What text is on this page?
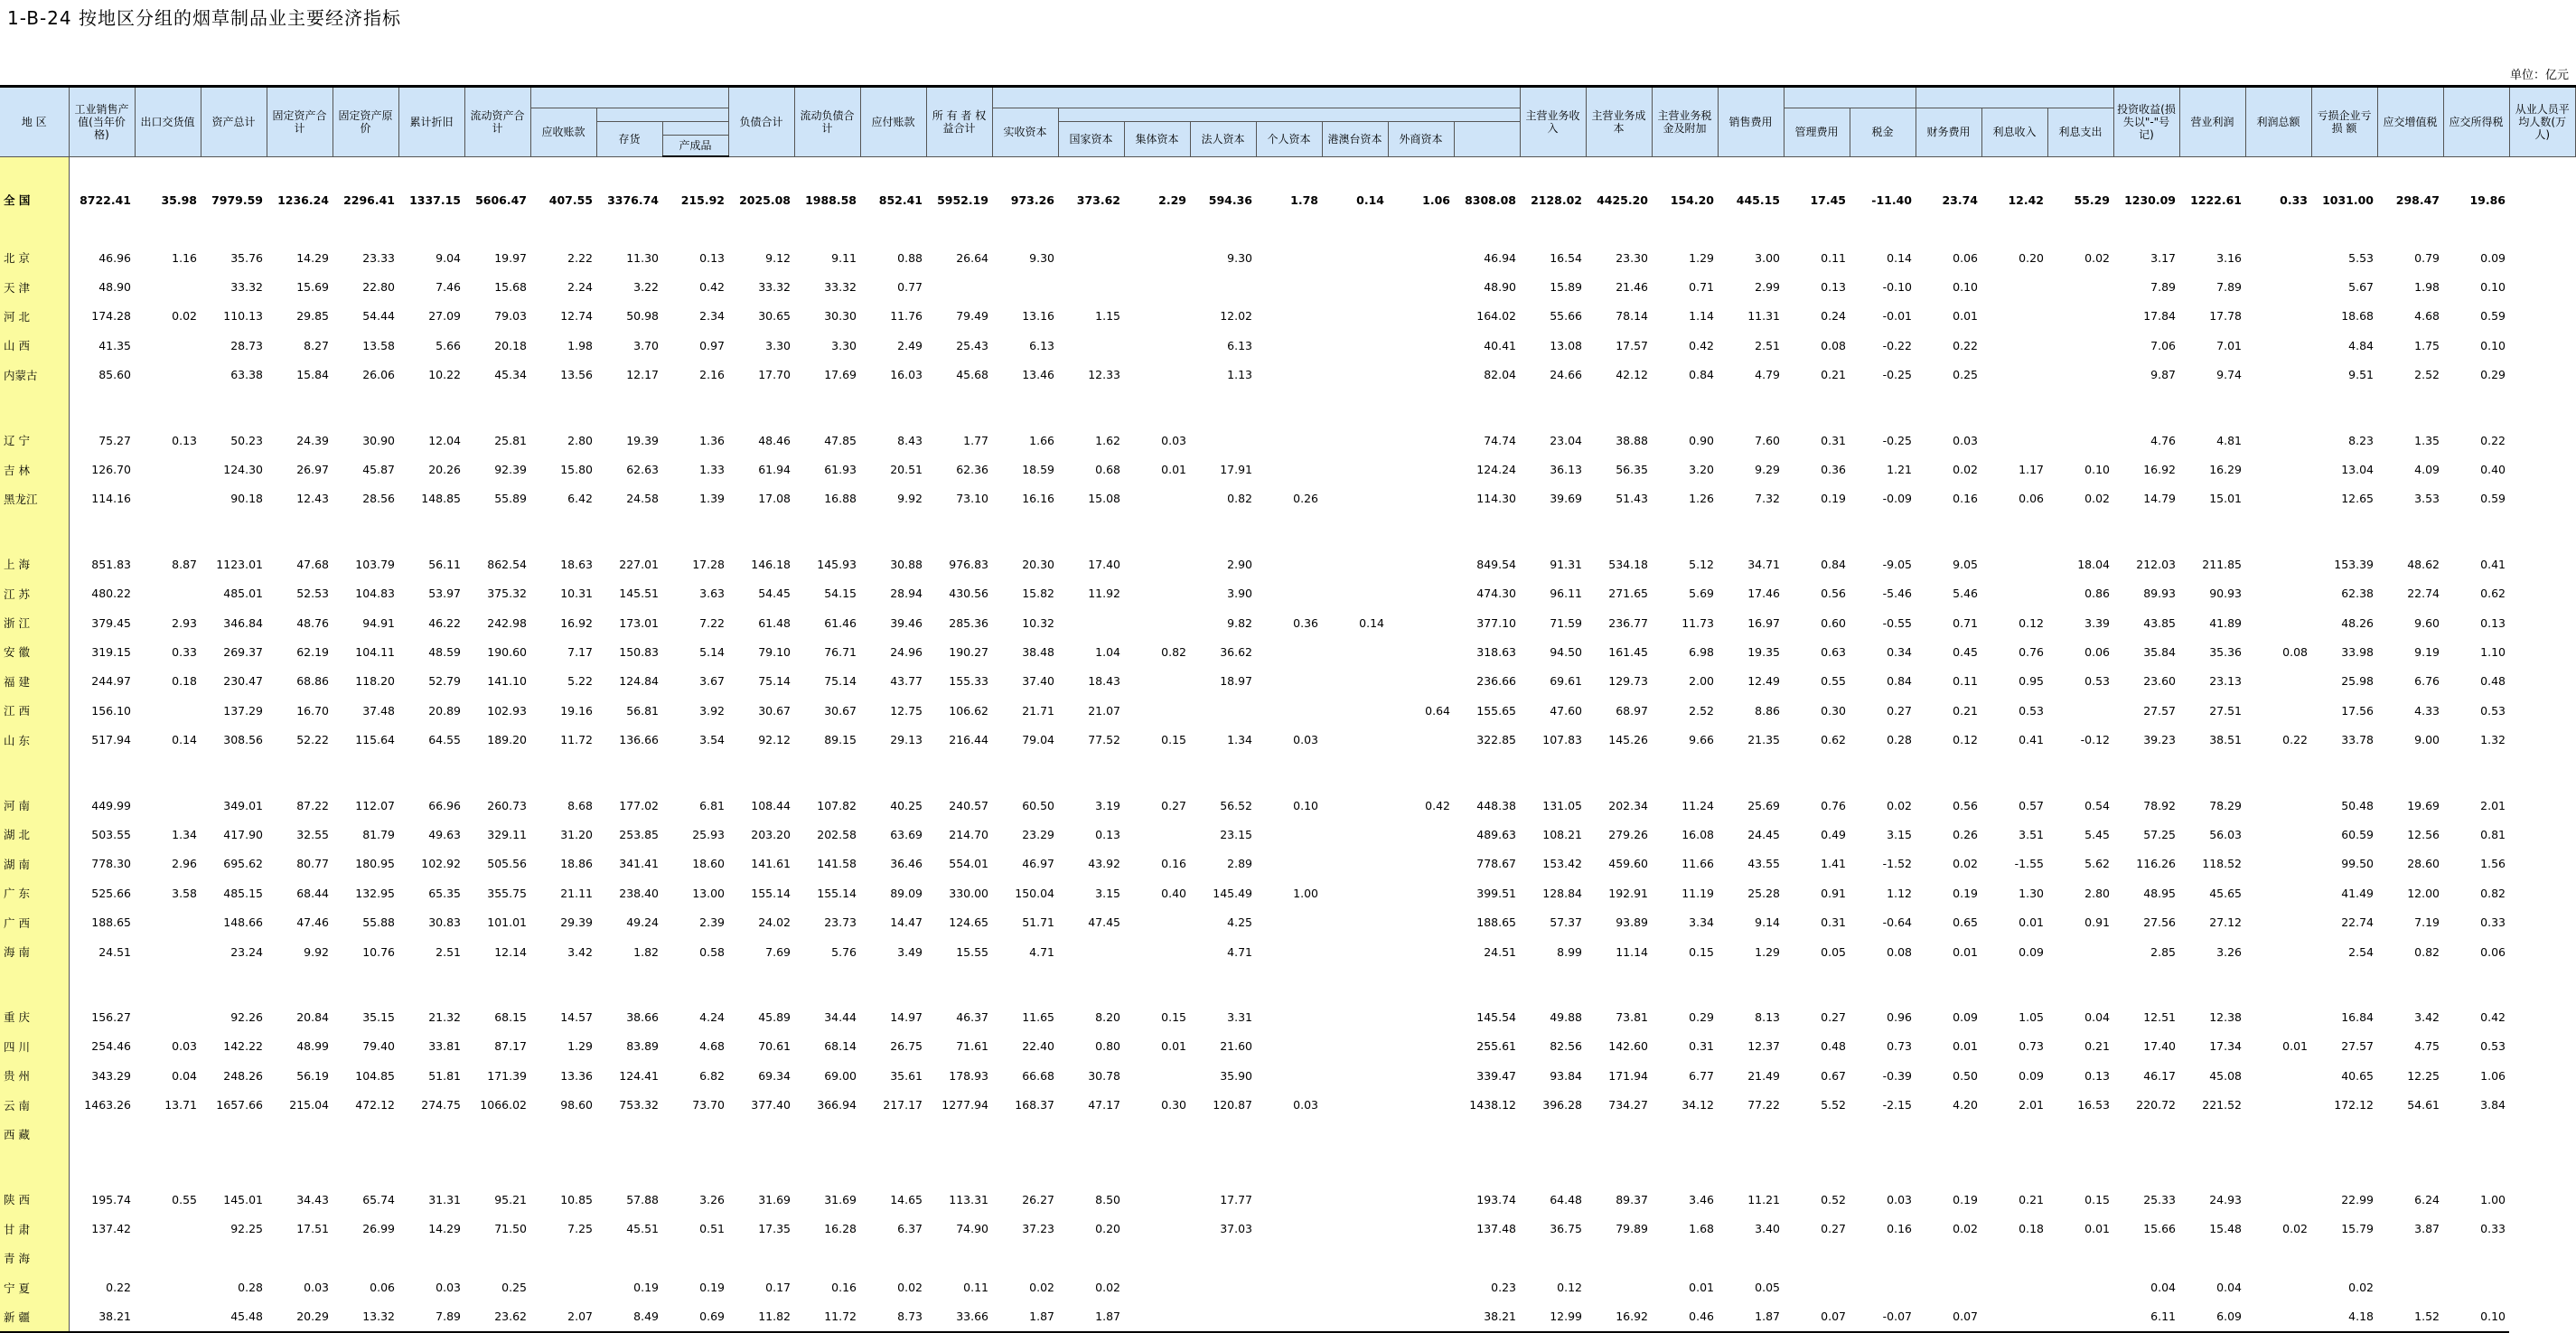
1-B-24 按地区分组的烟草制品业主要经济指标
单位：亿元
地 区	工业销售产 值(当年价格)	出口交货值	资产总计	固定资产合 计	固定资产原 价	累计折旧	流动资产合 计				负债合计	流动负债合 计	应付账款	所 有 者 权益合计									主营业务收 入	主营业务成 本	主营业务税金及附加	销售费用						投资收益(损失以"-"号记)	营业利润	利润总额	亏损企业亏 损 额	应交增值税	应交所得税	从业人员平均人数(万人)
								应收账款							实收资本												管理费用	税金	财务费用	利息收入	利息支出							
									存货							国家资本	集体资本	法人资本	个人资本	港澳台资本	外商资本																	
										产成品																												
全 国	8722.41	35.98	7979.59	1236.24	2296.41	1337.15	5606.47	407.55	3376.74	215.92	2025.08	1988.58	852.41	5952.19	973.26	373.62	2.29	594.36	1.78	0.14	1.06	8308.08	2128.02	4425.20	154.20	445.15	17.45	-11.40	23.74	12.42	55.29	1230.09	1222.61	0.33	1031.00	298.47	19.86	
北 京	46.96	1.16	35.76	14.29	23.33	9.04	19.97	2.22	11.30	0.13	9.12	9.11	0.88	26.64	9.30			9.30				46.94	16.54	23.30	1.29	3.00	0.11	0.14	0.06	0.20	0.02	3.17	3.16		5.53	0.79	0.09	
天 津	48.90		33.32	15.69	22.80	7.46	15.68	2.24	3.22	0.42	33.32	33.32	0.77									48.90	15.89	21.46	0.71	2.99	0.13	-0.10	0.10			7.89	7.89		5.67	1.98	0.10	
河 北	174.28	0.02	110.13	29.85	54.44	27.09	79.03	12.74	50.98	2.34	30.65	30.30	11.76	79.49	13.16	1.15		12.02				164.02	55.66	78.14	1.14	11.31	0.24	-0.01	0.01			17.84	17.78		18.68	4.68	0.59	
山 西	41.35		28.73	8.27	13.58	5.66	20.18	1.98	3.70	0.97	3.30	3.30	2.49	25.43	6.13			6.13				40.41	13.08	17.57	0.42	2.51	0.08	-0.22	0.22			7.06	7.01		4.84	1.75	0.10	
内蒙古	85.60		63.38	15.84	26.06	10.22	45.34	13.56	12.17	2.16	17.70	17.69	16.03	45.68	13.46	12.33		1.13				82.04	24.66	42.12	0.84	4.79	0.21	-0.25	0.25			9.87	9.74		9.51	2.52	0.29	

辽 宁	75.27	0.13	50.23	24.39	30.90	12.04	25.81	2.80	19.39	1.36	48.46	47.85	8.43	1.77	1.66	1.62	0.03					74.74	23.04	38.88	0.90	7.60	0.31	-0.25	0.03			4.76	4.81		8.23	1.35	0.22	
吉 林	126.70		124.30	26.97	45.87	20.26	92.39	15.80	62.63	1.33	61.94	61.93	20.51	62.36	18.59	0.68	0.01	17.91				124.24	36.13	56.35	3.20	9.29	0.36	1.21	0.02	1.17	0.10	16.92	16.29		13.04	4.09	0.40	
黑龙江	114.16		90.18	12.43	28.56	148.85	55.89	6.42	24.58	1.39	17.08	16.88	9.92	73.10	16.16	15.08		0.82	0.26			114.30	39.69	51.43	1.26	7.32	0.19	-0.09	0.16	0.06	0.02	14.79	15.01		12.65	3.53	0.59	

上 海	851.83	8.87	1123.01	47.68	103.79	56.11	862.54	18.63	227.01	17.28	146.18	145.93	30.88	976.83	20.30	17.40		2.90				849.54	91.31	534.18	5.12	34.71	0.84	-9.05	9.05		18.04	212.03	211.85		153.39	48.62	0.41	
江 苏	480.22		485.01	52.53	104.83	53.97	375.32	10.31	145.51	3.63	54.45	54.15	28.94	430.56	15.82	11.92		3.90				474.30	96.11	271.65	5.69	17.46	0.56	-5.46	5.46		0.86	89.93	90.93		62.38	22.74	0.62	
浙 江	379.45	2.93	346.84	48.76	94.91	46.22	242.98	16.92	173.01	7.22	61.48	61.46	39.46	285.36	10.32			9.82	0.36	0.14		377.10	71.59	236.77	11.73	16.97	0.60	-0.55	0.71	0.12	3.39	43.85	41.89		48.26	9.60	0.13	
安 徽	319.15	0.33	269.37	62.19	104.11	48.59	190.60	7.17	150.83	5.14	79.10	76.71	24.96	190.27	38.48	1.04	0.82	36.62				318.63	94.50	161.45	6.98	19.35	0.63	0.34	0.45	0.76	0.06	35.84	35.36	0.08	33.98	9.19	1.10	
福 建	244.97	0.18	230.47	68.86	118.20	52.79	141.10	5.22	124.84	3.67	75.14	75.14	43.77	155.33	37.40	18.43		18.97				236.66	69.61	129.73	2.00	12.49	0.55	0.84	0.11	0.95	0.53	23.60	23.13		25.98	6.76	0.48	
江 西	156.10		137.29	16.70	37.48	20.89	102.93	19.16	56.81	3.92	30.67	30.67	12.75	106.62	21.71	21.07					0.64	155.65	47.60	68.97	2.52	8.86	0.30	0.27	0.21	0.53		27.57	27.51		17.56	4.33	0.53	
山 东	517.94	0.14	308.56	52.22	115.64	64.55	189.20	11.72	136.66	3.54	92.12	89.15	29.13	216.44	79.04	77.52	0.15	1.34	0.03			322.85	107.83	145.26	9.66	21.35	0.62	0.28	0.12	0.41	-0.12	39.23	38.51	0.22	33.78	9.00	1.32	

河 南	449.99		349.01	87.22	112.07	66.96	260.73	8.68	177.02	6.81	108.44	107.82	40.25	240.57	60.50	3.19	0.27	56.52	0.10		0.42	448.38	131.05	202.34	11.24	25.69	0.76	0.02	0.56	0.57	0.54	78.92	78.29		50.48	19.69	2.01	
湖 北	503.55	1.34	417.90	32.55	81.79	49.63	329.11	31.20	253.85	25.93	203.20	202.58	63.69	214.70	23.29	0.13		23.15				489.63	108.21	279.26	16.08	24.45	0.49	3.15	0.26	3.51	5.45	57.25	56.03		60.59	12.56	0.81	
湖 南	778.30	2.96	695.62	80.77	180.95	102.92	505.56	18.86	341.41	18.60	141.61	141.58	36.46	554.01	46.97	43.92	0.16	2.89				778.67	153.42	459.60	11.66	43.55	1.41	-1.52	0.02	-1.55	5.62	116.26	118.52		99.50	28.60	1.56	
广 东	525.66	3.58	485.15	68.44	132.95	65.35	355.75	21.11	238.40	13.00	155.14	155.14	89.09	330.00	150.04	3.15	0.40	145.49	1.00			399.51	128.84	192.91	11.19	25.28	0.91	1.12	0.19	1.30	2.80	48.95	45.65		41.49	12.00	0.82	
广 西	188.65		148.66	47.46	55.88	30.83	101.01	29.39	49.24	2.39	24.02	23.73	14.47	124.65	51.71	47.45		4.25				188.65	57.37	93.89	3.34	9.14	0.31	-0.64	0.65	0.01	0.91	27.56	27.12		22.74	7.19	0.33	
海 南	24.51		23.24	9.92	10.76	2.51	12.14	3.42	1.82	0.58	7.69	5.76	3.49	15.55	4.71			4.71				24.51	8.99	11.14	0.15	1.29	0.05	0.08	0.01	0.09		2.85	3.26		2.54	0.82	0.06	

重 庆	156.27		92.26	20.84	35.15	21.32	68.15	14.57	38.66	4.24	45.89	34.44	14.97	46.37	11.65	8.20	0.15	3.31				145.54	49.88	73.81	0.29	8.13	0.27	0.96	0.09	1.05	0.04	12.51	12.38		16.84	3.42	0.42	
四 川	254.46	0.03	142.22	48.99	79.40	33.81	87.17	1.29	83.89	4.68	70.61	68.14	26.75	71.61	22.40	0.80	0.01	21.60				255.61	82.56	142.60	0.31	12.37	0.48	0.73	0.01	0.73	0.21	17.40	17.34	0.01	27.57	4.75	0.53	
贵 州	343.29	0.04	248.26	56.19	104.85	51.81	171.39	13.36	124.41	6.82	69.34	69.00	35.61	178.93	66.68	30.78		35.90				339.47	93.84	171.94	6.77	21.49	0.67	-0.39	0.50	0.09	0.13	46.17	45.08		40.65	12.25	1.06	
云 南	1463.26	13.71	1657.66	215.04	472.12	274.75	1066.02	98.60	753.32	73.70	377.40	366.94	217.17	1277.94	168.37	47.17	0.30	120.87	0.03			1438.12	396.28	734.27	34.12	77.22	5.52	-2.15	4.20	2.01	16.53	220.72	221.52		172.12	54.61	3.84	
西 藏																																						

陕 西	195.74	0.55	145.01	34.43	65.74	31.31	95.21	10.85	57.88	3.26	31.69	31.69	14.65	113.31	26.27	8.50		17.77				193.74	64.48	89.37	3.46	11.21	0.52	0.03	0.19	0.21	0.15	25.33	24.93		22.99	6.24	1.00	
甘 肃	137.42		92.25	17.51	26.99	14.29	71.50	7.25	45.51	0.51	17.35	16.28	6.37	74.90	37.23	0.20		37.03				137.48	36.75	79.89	1.68	3.40	0.27	0.16	0.02	0.18	0.01	15.66	15.48	0.02	15.79	3.87	0.33	
青 海																																						
宁 夏	0.22		0.28	0.03	0.06	0.03	0.25		0.19	0.19	0.17	0.16	0.02	0.11	0.02	0.02						0.23	0.12		0.01	0.05						0.04	0.04		0.02			
新 疆	38.21		45.48	20.29	13.32	7.89	23.62	2.07	8.49	0.69	11.82	11.72	8.73	33.66	1.87	1.87						38.21	12.99	16.92	0.46	1.87	0.07	-0.07	0.07			6.11	6.09		4.18	1.52	0.10	
